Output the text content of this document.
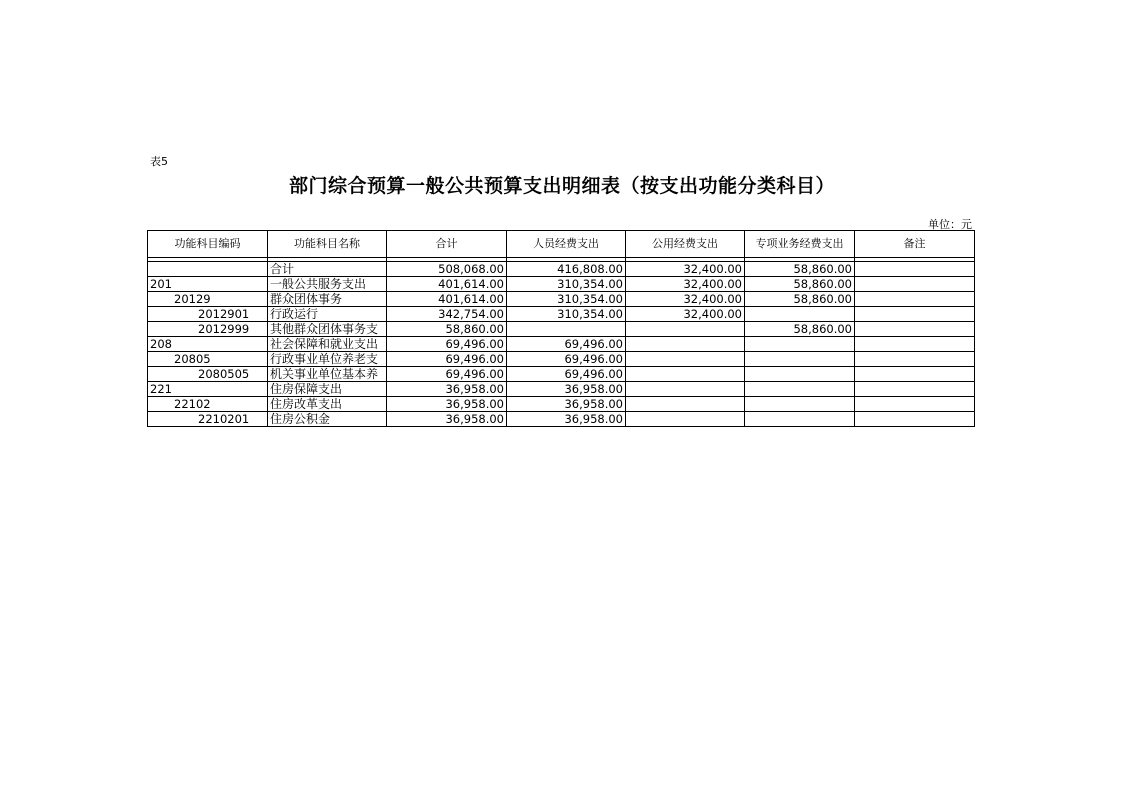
表5
部门综合预算一般公共预算支出明细表（按支出功能分类科目）
单位：元
功能科目编码	功能科目名称	合计	人员经费支出	公用经费支出	专项业务经费支出	备注

	合计	508,068.00	416,808.00	32,400.00	58,860.00	
201	一般公共服务支出	401,614.00	310,354.00	32,400.00	58,860.00	
20129	群众团体事务	401,614.00	310,354.00	32,400.00	58,860.00	
2012901	行政运行	342,754.00	310,354.00	32,400.00		
2012999	其他群众团体事务支	58,860.00			58,860.00	
208	社会保障和就业支出	69,496.00	69,496.00			
20805	行政事业单位养老支	69,496.00	69,496.00			
2080505	机关事业单位基本养	69,496.00	69,496.00			
221	住房保障支出	36,958.00	36,958.00			
22102	住房改革支出	36,958.00	36,958.00			
2210201	住房公积金	36,958.00	36,958.00			
